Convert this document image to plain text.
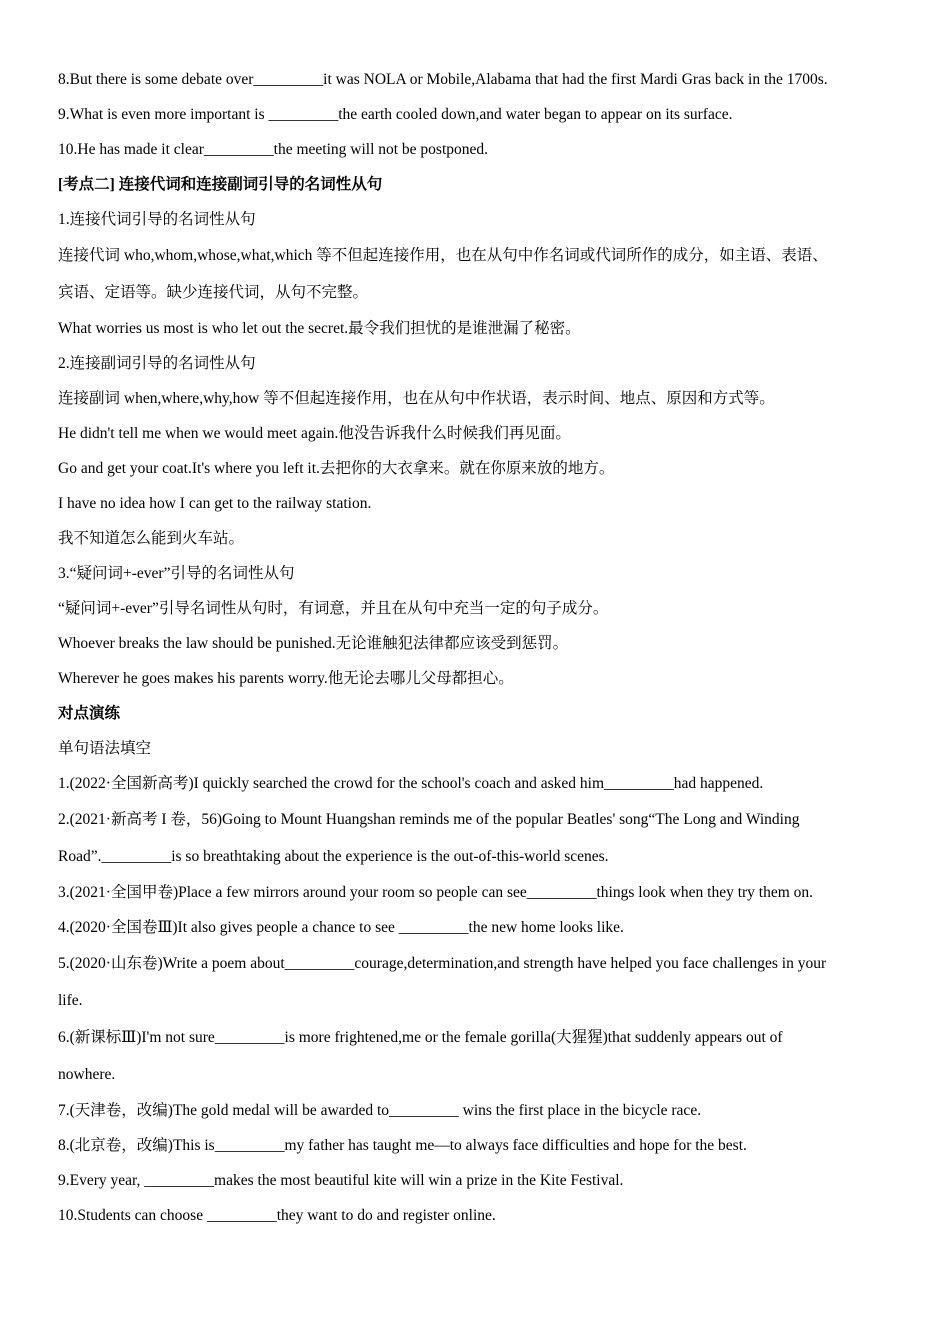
8.But there is some debate over_________it was NOLA or Mobile,Alabama that had the first Mardi Gras back in the 1700s.
9.What is even more important is _________the earth cooled down,and water began to appear on its surface.
10.He has made it clear_________the meeting will not be postponed.
[考点二] 连接代词和连接副词引导的名词性从句
1.连接代词引导的名词性从句
连接代词 who,whom,whose,what,which 等不但起连接作用，也在从句中作名词或代词所作的成分，如主语、表语、
宾语、定语等。缺少连接代词，从句不完整。
What worries us most is who let out the secret.最令我们担忧的是谁泄漏了秘密。
2.连接副词引导的名词性从句
连接副词 when,where,why,how 等不但起连接作用，也在从句中作状语，表示时间、地点、原因和方式等。
He didn't tell me when we would meet again.他没告诉我什么时候我们再见面。
Go and get your coat.It's where you left it.去把你的大衣拿来。就在你原来放的地方。
I have no idea how I can get to the railway station.
我不知道怎么能到火车站。
3.“疑问词+-ever”引导的名词性从句
“疑问词+-ever”引导名词性从句时，有词意，并且在从句中充当一定的句子成分。
Whoever breaks the law should be punished.无论谁触犯法律都应该受到惩罚。
Wherever he goes makes his parents worry.他无论去哪儿父母都担心。
对点演练
单句语法填空
1.(2022·全国新高考)I quickly searched the crowd for the school's coach and asked him_________had happened.
2.(2021·新高考 I 卷，56)Going to Mount Huangshan reminds me of the popular Beatles' song“The Long and Winding
Road”._________is so breathtaking about the experience is the out-of-this-world scenes.
3.(2021·全国甲卷)Place a few mirrors around your room so people can see_________things look when they try them on.
4.(2020·全国卷Ⅲ)It also gives people a chance to see _________the new home looks like.
5.(2020·山东卷)Write a poem about_________courage,determination,and strength have helped you face challenges in your
life.
6.(新课标Ⅲ)I'm not sure_________is more frightened,me or the female gorilla(大猩猩)that suddenly appears out of
nowhere.
7.(天津卷，改编)The gold medal will be awarded to_________ wins the first place in the bicycle race.
8.(北京卷，改编)This is_________my father has taught me—to always face difficulties and hope for the best.
9.Every year, _________makes the most beautiful kite will win a prize in the Kite Festival.
10.Students can choose _________they want to do and register online.
